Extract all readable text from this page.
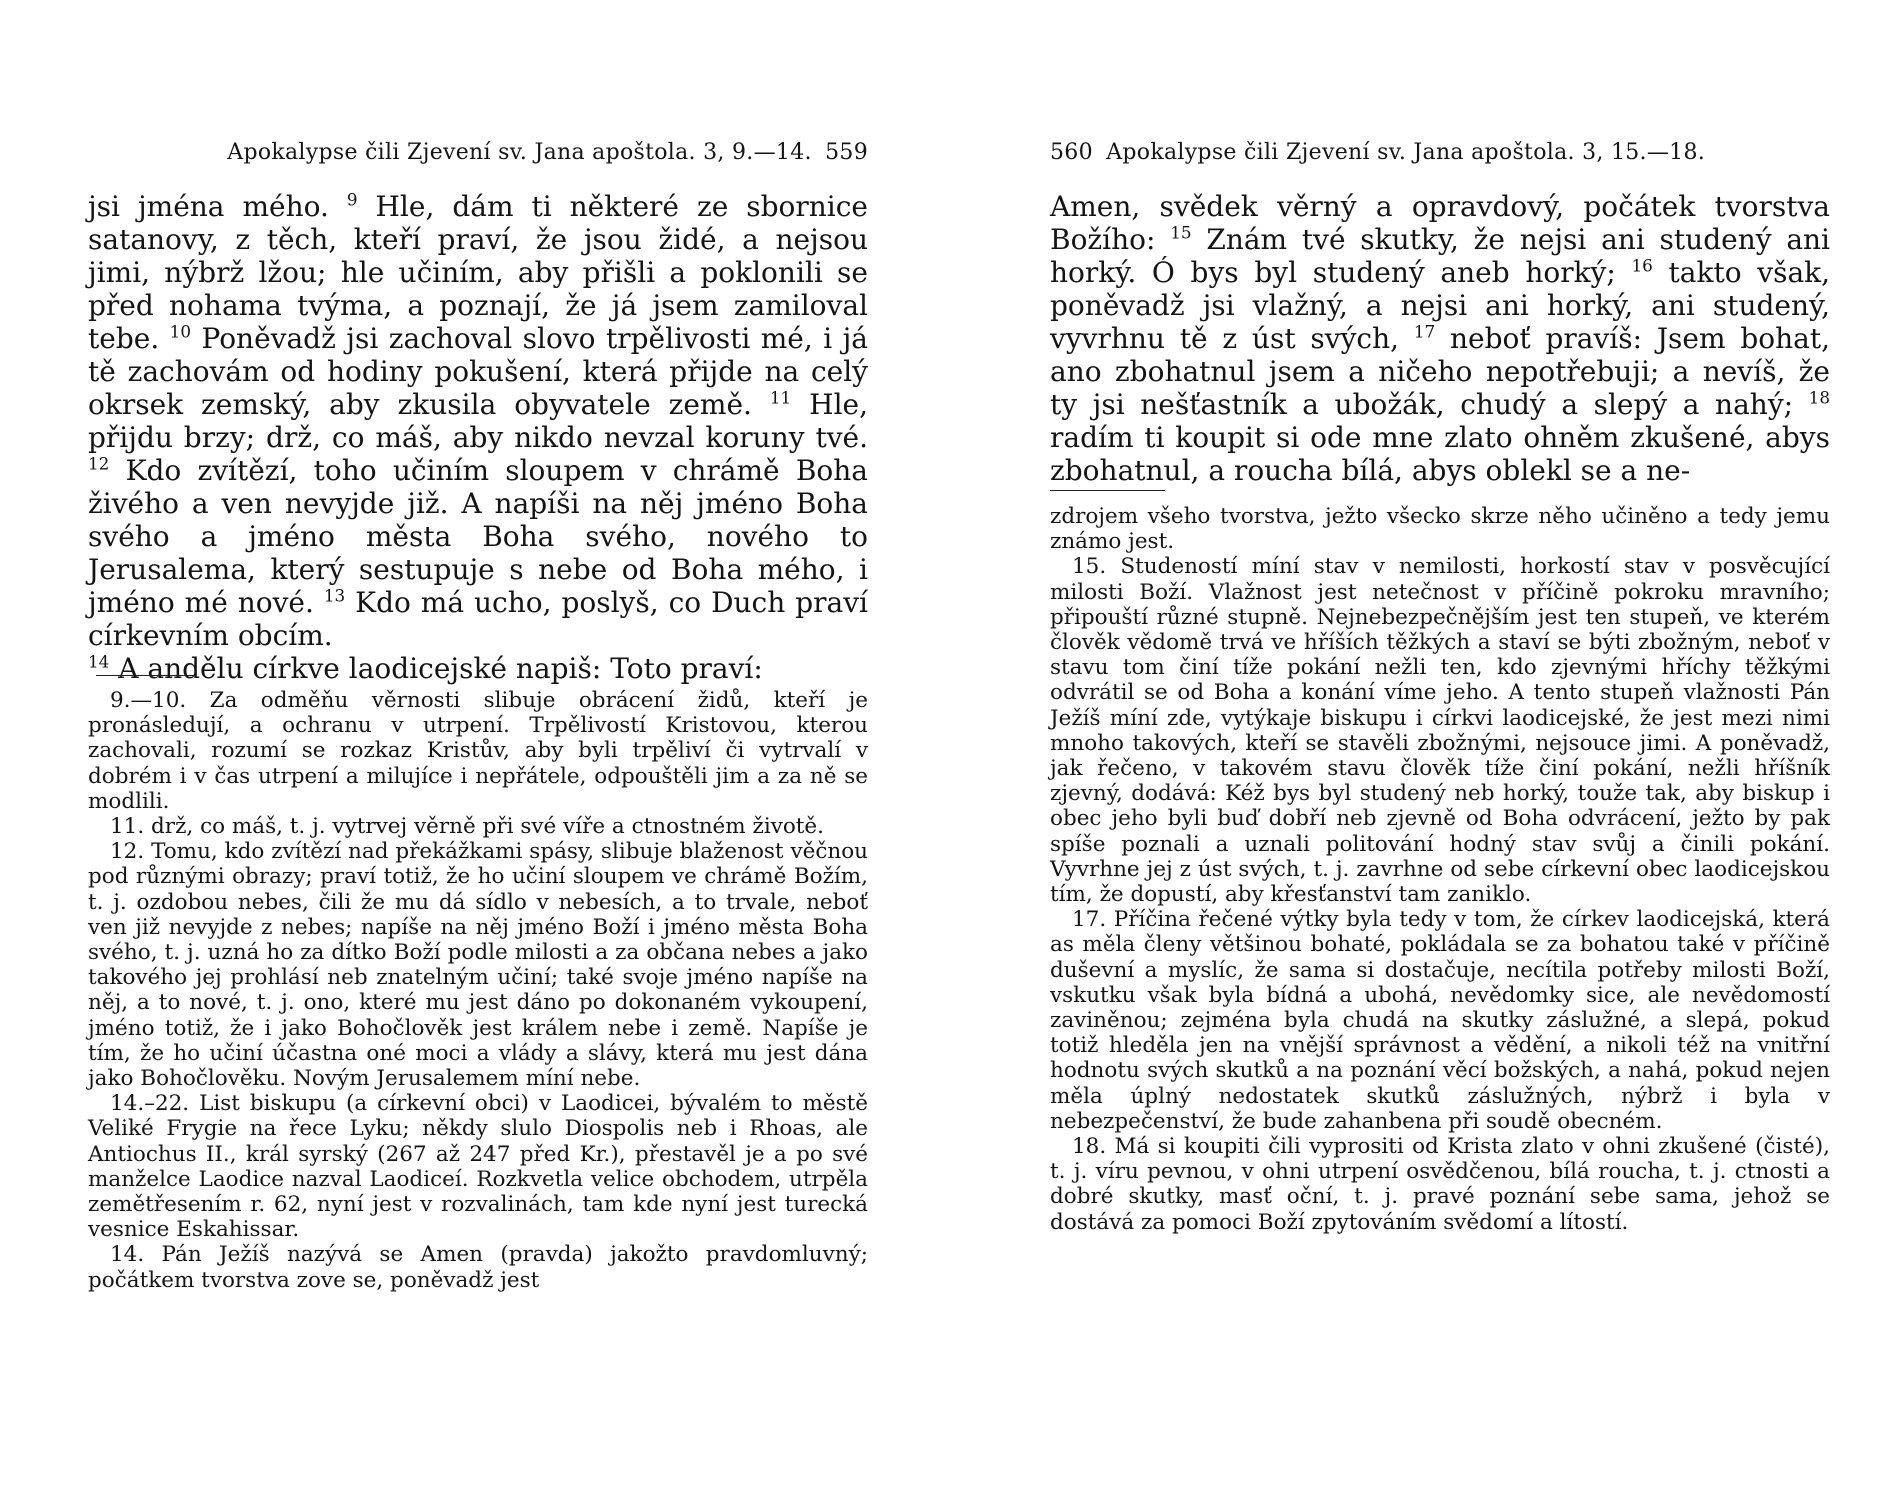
Apokalypse čili Zjevení sv. Jana apoštola. 3, 9.—14. 559

jsi jména mého. $^9$ Hle, dám ti některé ze sbornice satanovy, z těch, kteří praví, že jsou židé, a nejsou jimi, nýbrž lžou; hle učiním, aby přišli a poklonili se před nohama tvýma, a poznají, že já jsem zamiloval tebe. $^{10}$ Poněvadž jsi zachoval slovo trpělivosti mé, i já tě zachovám od hodiny pokušení, která přijde na celý okrsek zemský, aby zkusila obyvatele země. $^{11}$ Hle, přijdu brzy; drž, co máš, aby nikdo nevzal koruny tvé. $^{12}$ Kdo zvítězí, toho učiním sloupem v chrámě Boha živého a ven nevyjde již. A napíši na něj jméno Boha svého a jméno města Boha svého, nového to Jerusalema, který sestupuje s nebe od Boha mého, i jméno mé nové. $^{13}$ Kdo má ucho, poslyš, co Duch praví církevním obcím.

$^{14}$ A andělu církve laodicejské napiš: Toto praví:

9.—10. Za odměňu věrnosti slibuje obrácení židů, kteří je pronásledují, a ochranu v utrpení. Trpělivostí Kristovou, kterou zachovali, rozumí se rozkaz Kristův, aby byli trpěliví či vytrvalí v dobrém i v čas utrpení a milujíce i nepřátele, odpouštěli jim a za ně se modlili.

11. drž, co máš, t. j. vytrvej věrně při své víře a ctnostném životě.

12. Tomu, kdo zvítězí nad překážkami spásy, slibuje blaženost věčnou pod různými obrazy; praví totiž, že ho učiní sloupem ve chrámě Božím, t. j. ozdobou nebes, čili že mu dá sídlo v nebesích, a to trvale, neboť ven již nevyjde z nebes; napíše na něj jméno Boží i jméno města Boha svého, t. j. uzná ho za dítko Boží podle milosti a za občana nebes a jako takového jej prohlásí neb znatelným učiní; také svoje jméno napíše na něj, a to nové, t. j. ono, které mu jest dáno po dokonaném vykoupení, jméno totiž, že i jako Bohočlověk jest králem nebe i země. Napíše je tím, že ho učiní účastna oné moci a vlády a slávy, která mu jest dána jako Bohočlověku. Novým Jerusalemem míní nebe.

14.–22. List biskupu (a církevní obci) v Laodicei, bývalém to městě Veliké Frygie na řece Lyku; někdy slulo Diospolis neb i Rhoas, ale Antiochus II., král syrský (267 až 247 před Kr.), přestavěl je a po své manželce Laodice nazval Laodiceí. Rozkvetla velice obchodem, utrpěla zemětřesením r. 62, nyní jest v rozvalinách, tam kde nyní jest turecká vesnice Eskahissar.

14. Pán Ježíš nazývá se Amen (pravda) jakožto pravdomluvný; počátkem tvorstva zove se, poněvadž jest

560 Apokalypse čili Zjevení sv. Jana apoštola. 3, 15.—18.

Amen, svědek věrný a opravdový, počátek tvorstva Božího: $^{15}$ Znám tvé skutky, že nejsi ani studený ani horký. Ó bys byl studený aneb horký; $^{16}$ takto však, poněvadž jsi vlažný, a nejsi ani horký, ani studený, vyvrhnu tě z úst svých, $^{17}$ neboť pravíš: Jsem bohat, ano zbohatnul jsem a ničeho nepotřebuji; a nevíš, že ty jsi nešťastník a ubožák, chudý a slepý a nahý; $^{18}$ radím ti koupit si ode mne zlato ohněm zkušené, abys zbohatnul, a roucha bílá, abys oblekl se a ne-

zdrojem všeho tvorstva, ježto všecko skrze něho učiněno a tedy jemu známo jest.

15. Studeností míní stav v nemilosti, horkostí stav v posvěcující milosti Boží. Vlažnost jest netečnost v příčině pokroku mravního; připouští různé stupně. Nejnebezpečnějším jest ten stupeň, ve kterém člověk vědomě trvá ve hříších těžkých a staví se býti zbožným, neboť v stavu tom činí tíže pokání nežli ten, kdo zjevnými hříchy těžkými odvrátil se od Boha a konání víme jeho. A tento stupeň vlažnosti Pán Ježíš míní zde, vytýkaje biskupu i církvi laodicejské, že jest mezi nimi mnoho takových, kteří se stavěli zbožnými, nejsouce jimi. A poněvadž, jak řečeno, v takovém stavu člověk tíže činí pokání, nežli hříšník zjevný, dodává: Kéž bys byl studený neb horký, touže tak, aby biskup i obec jeho byli buď dobří neb zjevně od Boha odvrácení, ježto by pak spíše poznali a uznali politování hodný stav svůj a činili pokání. Vyvrhne jej z úst svých, t. j. zavrhne od sebe církevní obec laodicejskou tím, že dopustí, aby křesťanství tam zaniklo.

17. Příčina řečené výtky byla tedy v tom, že církev laodicejská, která as měla členy většinou bohaté, pokládala se za bohatou také v příčině duševní a myslíc, že sama si dostačuje, necítila potřeby milosti Boží, vskutku však byla bídná a ubohá, nevědomky sice, ale nevědomostí zaviněnou; zejména byla chudá na skutky záslužné, a slepá, pokud totiž hleděla jen na vnější správnost a vědění, a nikoli též na vnitřní hodnotu svých skutků a na poznání věcí božských, a nahá, pokud nejen měla úplný nedostatek skutků záslužných, nýbrž i byla v nebezpečenství, že bude zahanbena při soudě obecném.

18. Má si koupiti čili vyprositi od Krista zlato v ohni zkušené (čisté), t. j. víru pevnou, v ohni utrpení osvědčenou, bílá roucha, t. j. ctnosti a dobré skutky, masť oční, t. j. pravé poznání sebe sama, jehož se dostává za pomoci Boží zpytováním svědomí a lítostí.
